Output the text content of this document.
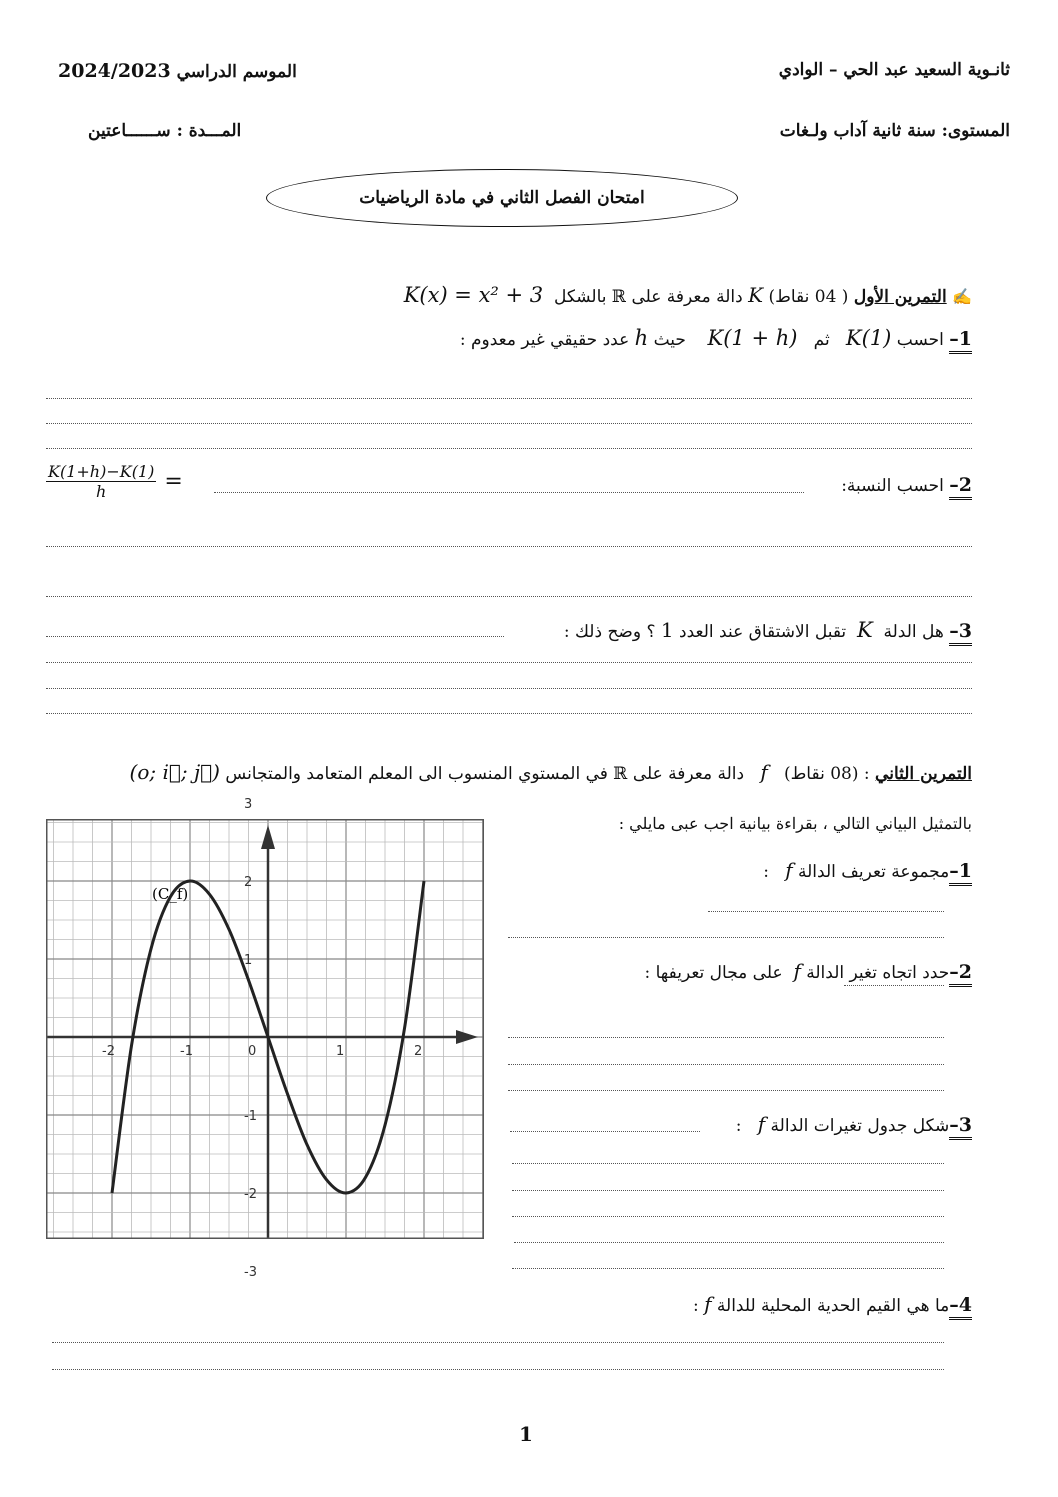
ثانـوية السعيد عبد الحي – الوادي
الموسم الدراسي 2024/2023
المستوى: سنة ثانية آداب ولـغات
المـــدة : ســــــاعتين
امتحان الفصل الثاني في مادة الرياضيات
✍ التمرين الأول ( 04 نقاط) K دالة معرفة على ℝ بالشكل  K(x) = x² + 3
1– احسب K(1)   ثم   K(1 + h)    حيث h عدد حقيقي غير معدوم :
2– احسب النسبة:
K(1+h)−K(1)
h	=
3– هل الدلة  K  تقبل الاشتقاق عند العدد 1 ؟ وضح ذلك :
التمرين الثاني : (08 نقاط)   f   دالة معرفة على ℝ في المستوي المنسوب الى المعلم المتعامد والمتجانس (o; i⃗; j⃗)
بالتمثيل البياني التالي ، بقراءة بيانية اجب عبى مايلي :
1–مجموعة تعريف الدالة f   :
2–حدد اتجاه تغير الدالة f  على مجال تعريفها :
3–شكل جدول تغيرات الدالة f   :
4–ما هي القيم الحدية المحلية للدالة f :
-2	-1	0	1	2
3
2
1
-1
-2
-3
(C_f)
1
